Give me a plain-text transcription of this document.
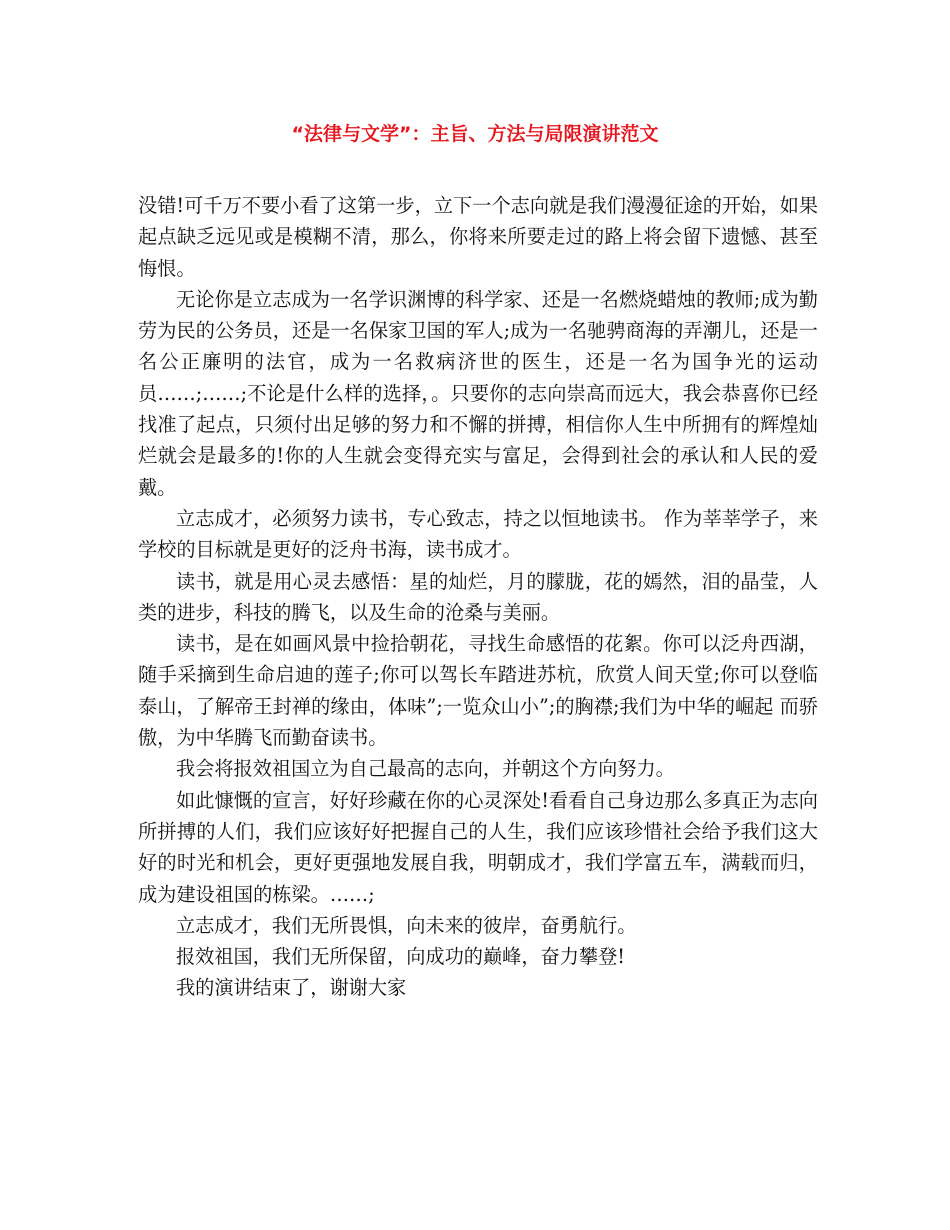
“法律与文学”：主旨、方法与局限演讲范文

没错!可千万不要小看了这第一步，立下一个志向就是我们漫漫征途的开始，如果起点缺乏远见或是模糊不清，那么，你将来所要走过的路上将会留下遗憾、甚至悔恨。

无论你是立志成为一名学识渊博的科学家、还是一名燃烧蜡烛的教师;成为勤劳为民的公务员，还是一名保家卫国的军人;成为一名驰骋商海的弄潮儿，还是一名公正廉明的法官，成为一名救病济世的医生，还是一名为国争光的运动员……;……;不论是什么样的选择，。只要你的志向崇高而远大，我会恭喜你已经找准了起点，只须付出足够的努力和不懈的拼搏，相信你人生中所拥有的辉煌灿烂就会是最多的!你的人生就会变得充实与富足，会得到社会的承认和人民的爱戴。

立志成才，必须努力读书，专心致志，持之以恒地读书。 作为莘莘学子，来学校的目标就是更好的泛舟书海，读书成才。

读书，就是用心灵去感悟：星的灿烂，月的朦胧，花的嫣然，泪的晶莹，人类的进步，科技的腾飞，以及生命的沧桑与美丽。

读书，是在如画风景中捡拾朝花，寻找生命感悟的花絮。你可以泛舟西湖，随手采摘到生命启迪的莲子;你可以驾长车踏进苏杭，欣赏人间天堂;你可以登临泰山，了解帝王封禅的缘由，体味”;一览众山小”;的胸襟;我们为中华的崛起 而骄傲，为中华腾飞而勤奋读书。

我会将报效祖国立为自己最高的志向，并朝这个方向努力。

如此慷慨的宣言，好好珍藏在你的心灵深处!看看自己身边那么多真正为志向所拼搏的人们，我们应该好好把握自己的人生，我们应该珍惜社会给予我们这大好的时光和机会，更好更强地发展自我，明朝成才，我们学富五车，满载而归，成为建设祖国的栋梁。……;

立志成才，我们无所畏惧，向未来的彼岸，奋勇航行。

报效祖国，我们无所保留，向成功的巅峰，奋力攀登!

我的演讲结束了，谢谢大家
